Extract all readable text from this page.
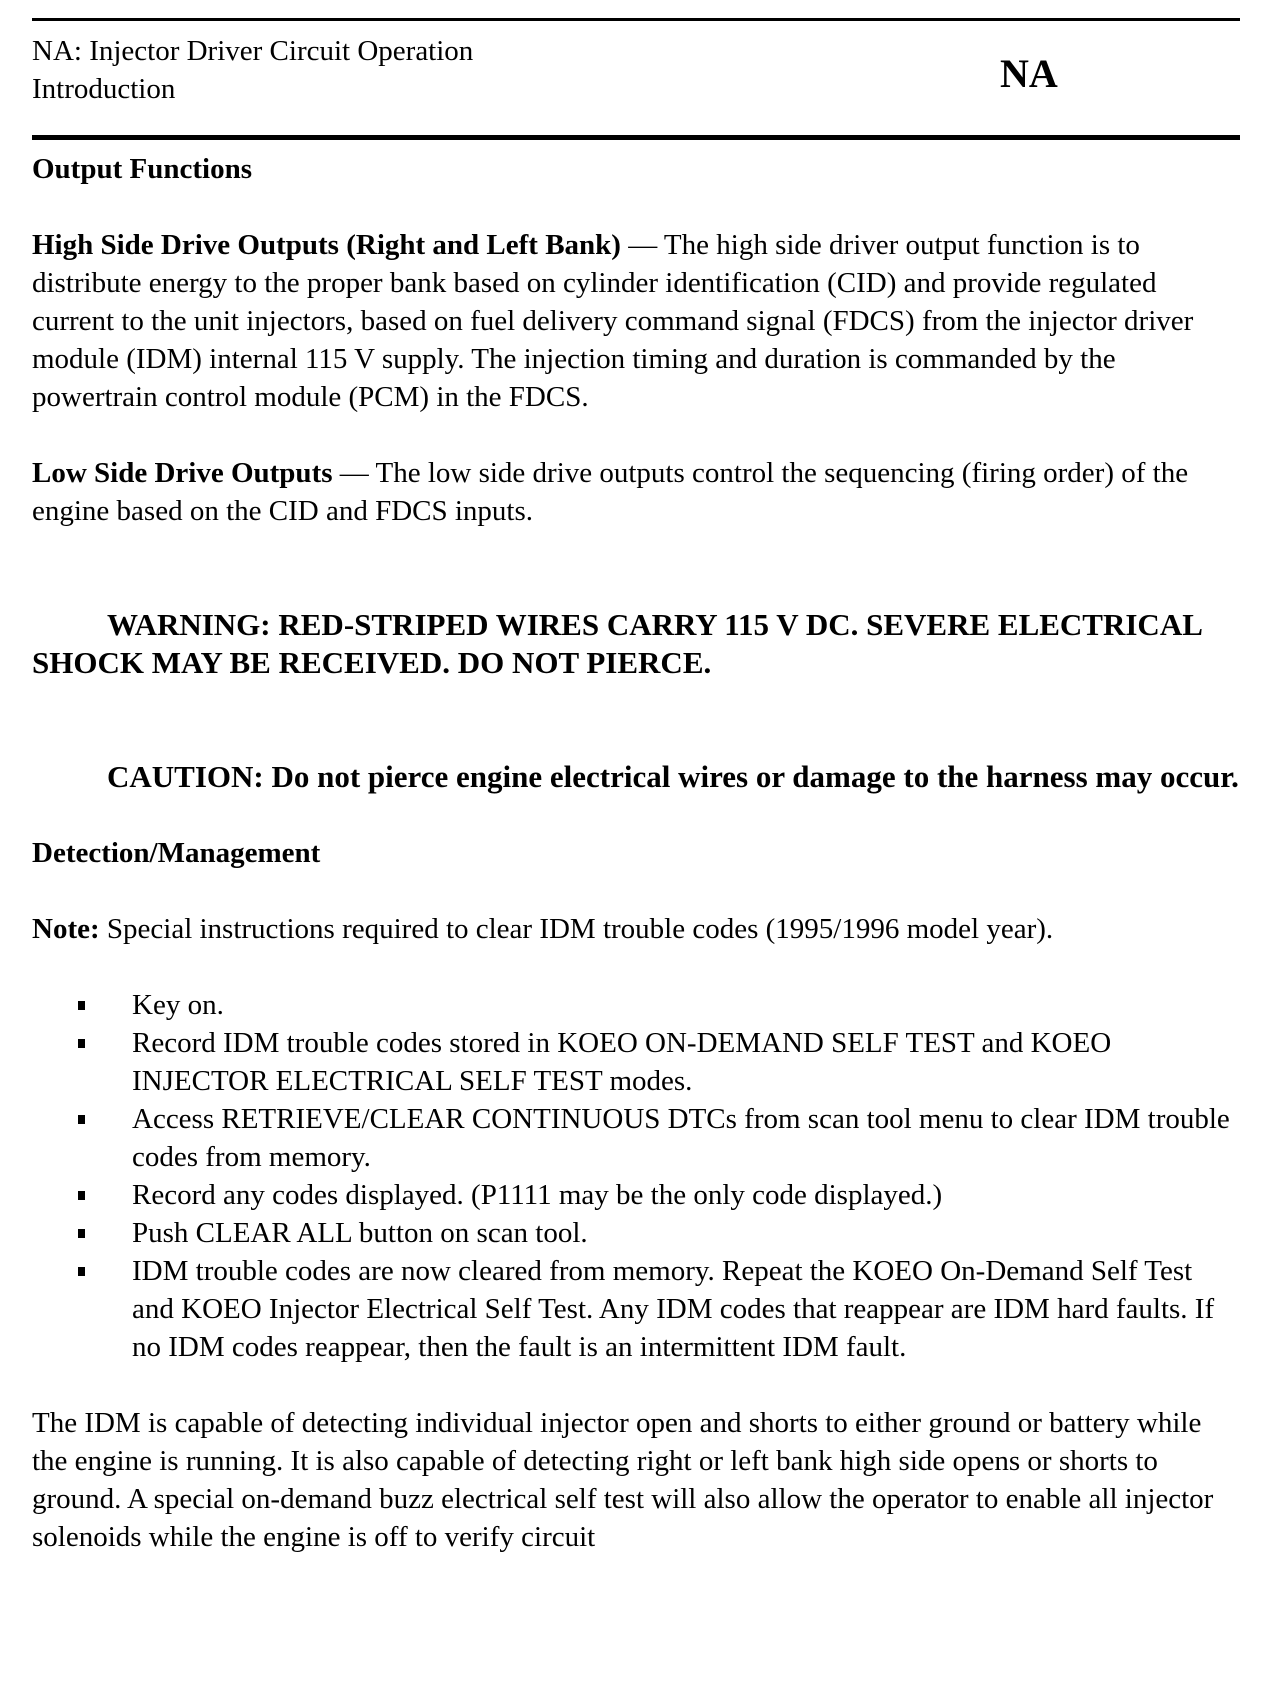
NA: Injector Driver Circuit Operation
Introduction	NA

Output Functions

High Side Drive Outputs (Right and Left Bank) — The high side driver output function is to distribute energy to the proper bank based on cylinder identification (CID) and provide regulated current to the unit injectors, based on fuel delivery command signal (FDCS) from the injector driver module (IDM) internal 115 V supply. The injection timing and duration is commanded by the powertrain control module (PCM) in the FDCS.

Low Side Drive Outputs — The low side drive outputs control the sequencing (firing order) of the engine based on the CID and FDCS inputs.

WARNING: RED-STRIPED WIRES CARRY 115 V DC. SEVERE ELECTRICAL SHOCK MAY BE RECEIVED. DO NOT PIERCE.

CAUTION: Do not pierce engine electrical wires or damage to the harness may occur.

Detection/Management

Note: Special instructions required to clear IDM trouble codes (1995/1996 model year).

Key on.
Record IDM trouble codes stored in KOEO ON-DEMAND SELF TEST and KOEO INJECTOR ELECTRICAL SELF TEST modes.
Access RETRIEVE/CLEAR CONTINUOUS DTCs from scan tool menu to clear IDM trouble codes from memory.
Record any codes displayed. (P1111 may be the only code displayed.)
Push CLEAR ALL button on scan tool.
IDM trouble codes are now cleared from memory. Repeat the KOEO On-Demand Self Test and KOEO Injector Electrical Self Test. Any IDM codes that reappear are IDM hard faults. If no IDM codes reappear, then the fault is an intermittent IDM fault.

The IDM is capable of detecting individual injector open and shorts to either ground or battery while the engine is running. It is also capable of detecting right or left bank high side opens or shorts to ground. A special on-demand buzz electrical self test will also allow the operator to enable all injector solenoids while the engine is off to verify circuit
